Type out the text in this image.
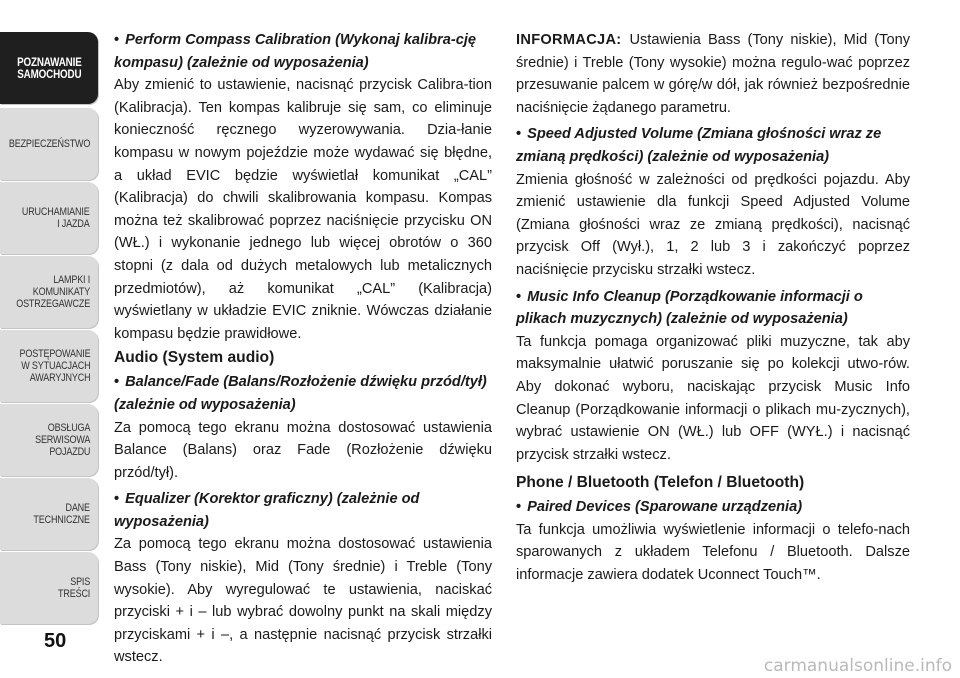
POZNAWANIE
SAMOCHODU
BEZPIECZEŃSTWO
URUCHAMIANIE
I JAZDA
LAMPKI I
KOMUNIKATY
OSTRZEGAWCZE
POSTĘPOWANIE
W SYTUACJACH
AWARYJNYCH
OBSŁUGA
SERWISOWA
POJAZDU
DANE
TECHNICZNE
SPIS
TREŚCI
50
• Perform Compass Calibration (Wykonaj kalibra-cję kompasu) (zależnie od wyposażenia)

Aby zmienić to ustawienie, nacisnąć przycisk Calibra-tion (Kalibracja). Ten kompas kalibruje się sam, co eliminuje konieczność ręcznego wyzerowywania. Dzia-łanie kompasu w nowym pojeździe może wydawać się błędne, a układ EVIC będzie wyświetlał komunikat „CAL” (Kalibracja) do chwili skalibrowania kompasu. Kompas można też skalibrować poprzez naciśnięcie przycisku ON (WŁ.) i wykonanie jednego lub więcej obrotów o 360 stopni (z dala od dużych metalowych lub metalicznych przedmiotów), aż komunikat „CAL” (Kalibracja) wyświetlany w układzie EVIC zniknie. Wówczas działanie kompasu będzie prawidłowe.

Audio (System audio)
• Balance/Fade (Balans/Rozłożenie dźwięku przód/tył) (zależnie od wyposażenia)

Za pomocą tego ekranu można dostosować ustawienia Balance (Balans) oraz Fade (Rozłożenie dźwięku przód/tył).

• Equalizer (Korektor graficzny) (zależnie od wyposażenia)

Za pomocą tego ekranu można dostosować ustawienia Bass (Tony niskie), Mid (Tony średnie) i Treble (Tony wysokie). Aby wyregulować te ustawienia, naciskać przyciski + i – lub wybrać dowolny punkt na skali między przyciskami + i –, a następnie nacisnąć przycisk strzałki wstecz.

INFORMACJA: Ustawienia Bass (Tony niskie), Mid (Tony średnie) i Treble (Tony wysokie) można regulo-wać poprzez przesuwanie palcem w górę/w dół, jak również bezpośrednie naciśnięcie żądanego parametru.

• Speed Adjusted Volume (Zmiana głośności wraz ze zmianą prędkości) (zależnie od wyposażenia)

Zmienia głośność w zależności od prędkości pojazdu. Aby zmienić ustawienie dla funkcji Speed Adjusted Volume (Zmiana głośności wraz ze zmianą prędkości), nacisnąć przycisk Off (Wył.), 1, 2 lub 3 i zakończyć poprzez naciśnięcie przycisku strzałki wstecz.

• Music Info Cleanup (Porządkowanie informacji o plikach muzycznych) (zależnie od wyposażenia)

Ta funkcja pomaga organizować pliki muzyczne, tak aby maksymalnie ułatwić poruszanie się po kolekcji utwo-rów. Aby dokonać wyboru, naciskając przycisk Music Info Cleanup (Porządkowanie informacji o plikach mu-zycznych), wybrać ustawienie ON (WŁ.) lub OFF (WYŁ.) i nacisnąć przycisk strzałki wstecz.

Phone / Bluetooth (Telefon / Bluetooth)
• Paired Devices (Sparowane urządzenia)

Ta funkcja umożliwia wyświetlenie informacji o telefo-nach sparowanych z układem Telefonu / Bluetooth. Dalsze informacje zawiera dodatek Uconnect Touch™.

carmanualsonline.info
